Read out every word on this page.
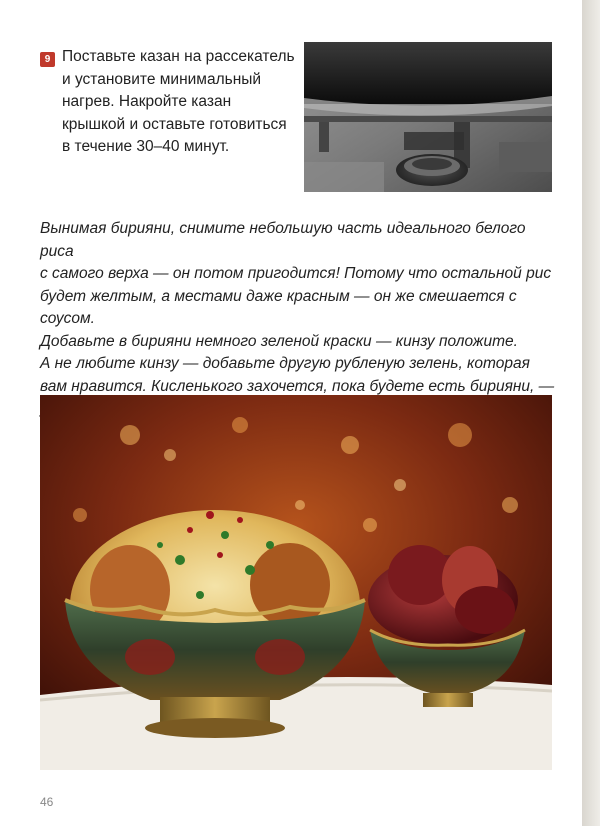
9 Поставьте казан на рассекатель
и установите минимальный
нагрев. Накройте казан
крышкой и оставьте готовиться
в течение 30–40 минут.
Вынимая бирияни, снимите небольшую часть идеального белого риса
с самого верха — он потом пригодится! Потому что остальной рис
будет желтым, а местами даже красным — он же смешается с соусом.
Добавьте в бирияни немного зеленой краски — кинзу положите.
А не любите кинзу — добавьте другую рубленую зелень, которая
вам нравится. Кисленького захочется, пока будете есть бирияни, —

46
